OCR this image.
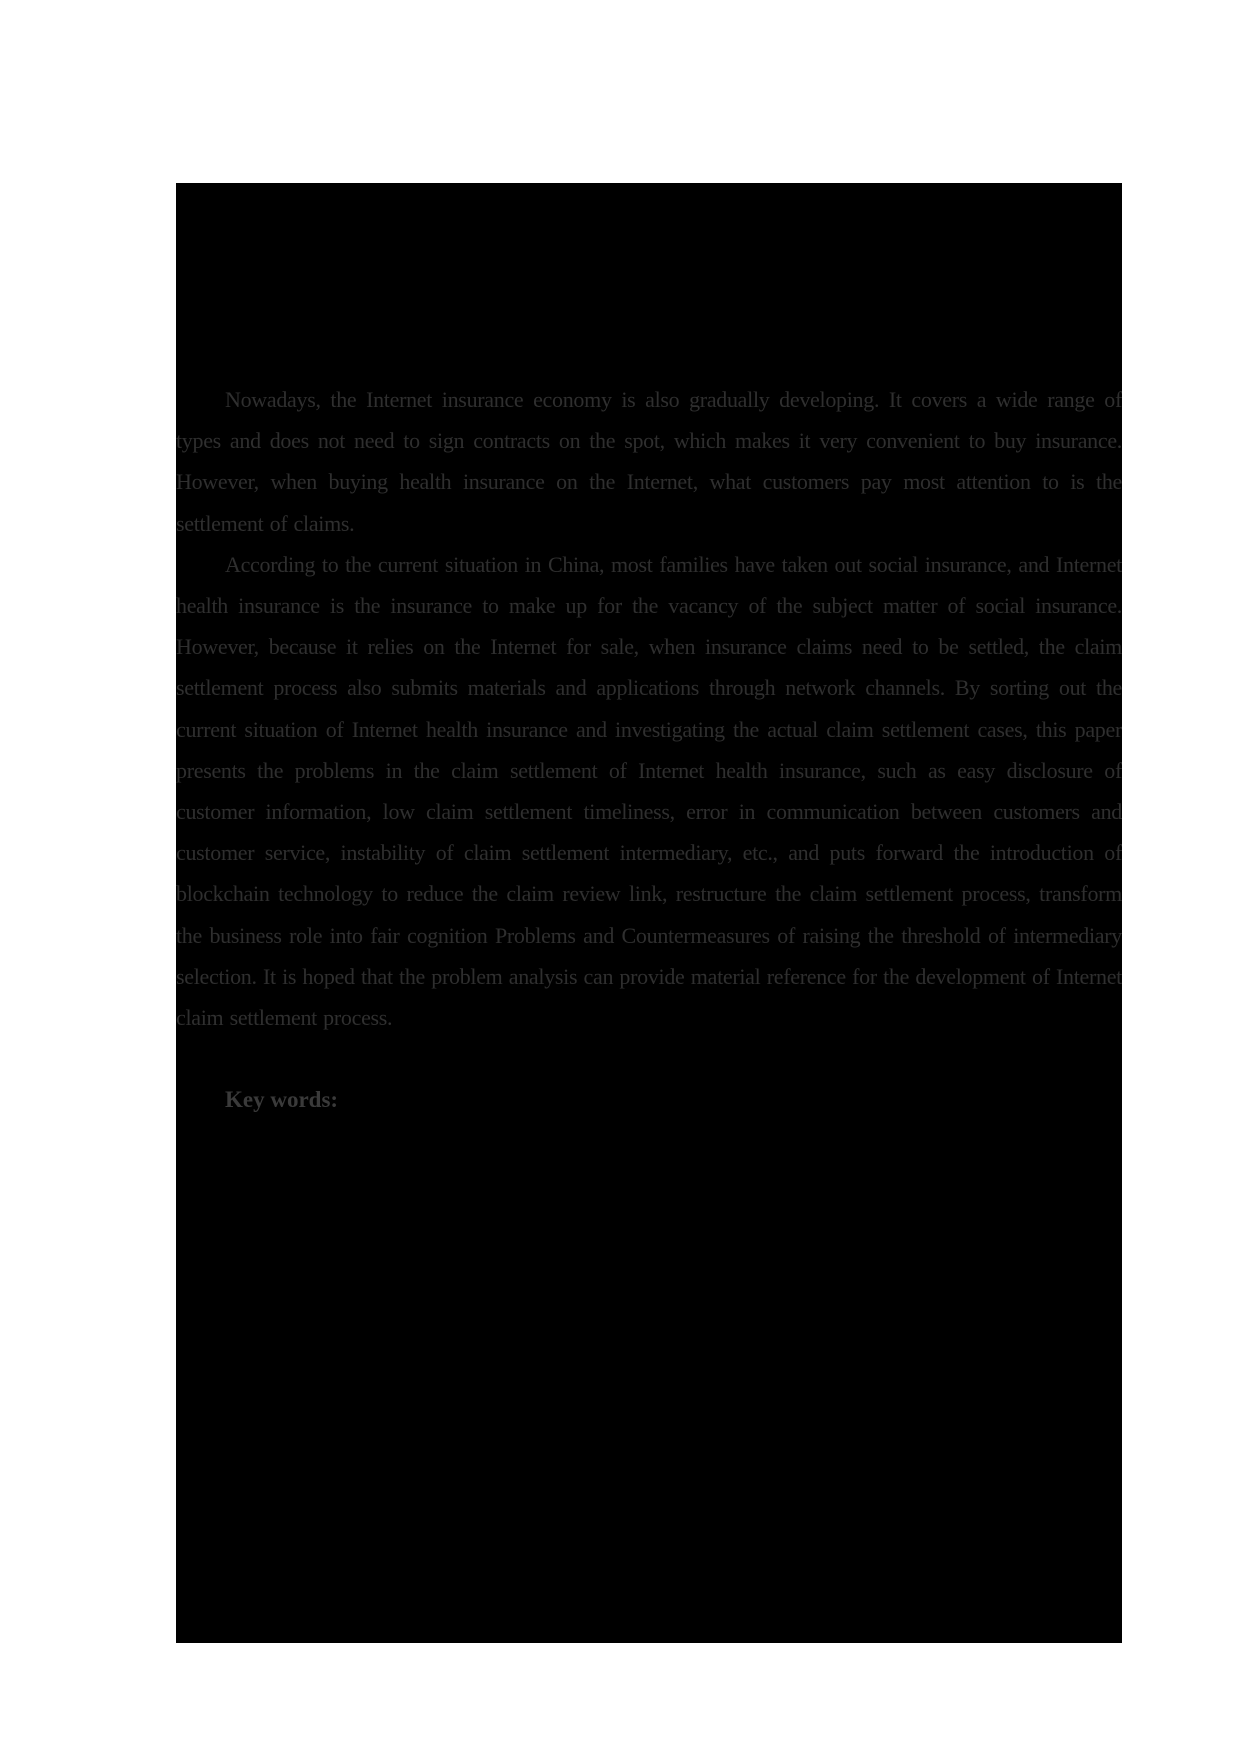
Nowadays, the Internet insurance economy is also gradually developing. It covers a wide range of types and does not need to sign contracts on the spot, which makes it very convenient to buy insurance. However, when buying health insurance on the Internet, what customers pay most attention to is the settlement of claims.

According to the current situation in China, most families have taken out social insurance, and Internet health insurance is the insurance to make up for the vacancy of the subject matter of social insurance. However, because it relies on the Internet for sale, when insurance claims need to be settled, the claim settlement process also submits materials and applications through network channels. By sorting out the current situation of Internet health insurance and investigating the actual claim settlement cases, this paper presents the problems in the claim settlement of Internet health insurance, such as easy disclosure of customer information, low claim settlement timeliness, error in communication between customers and customer service, instability of claim settlement intermediary, etc., and puts forward the introduction of blockchain technology to reduce the claim review link, restructure the claim settlement process, transform the business role into fair cognition Problems and Countermeasures of raising the threshold of intermediary selection. It is hoped that the problem analysis can provide material reference for the development of Internet claim settlement process.

Key words:
